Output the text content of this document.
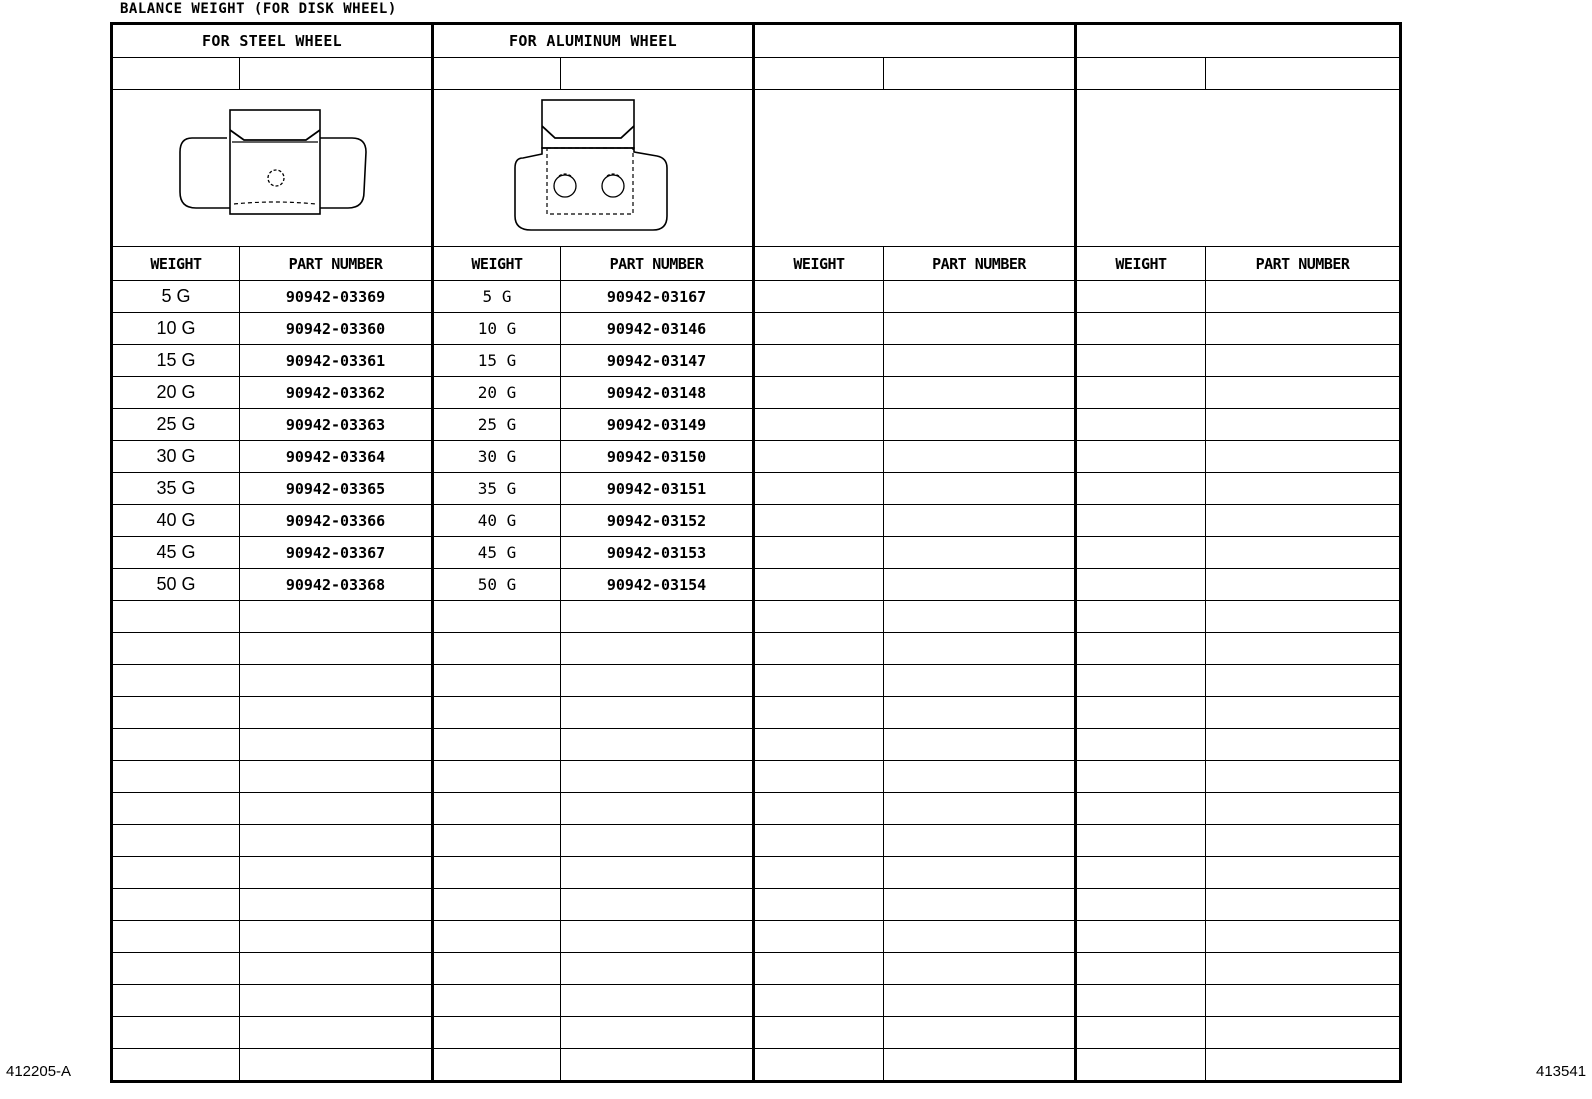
BALANCE WEIGHT (FOR DISK WHEEL)
FOR STEEL WHEEL		FOR ALUMINUM WHEEL					

WEIGHT	PART NUMBER	WEIGHT	PART NUMBER	WEIGHT	PART NUMBER	WEIGHT	PART NUMBER
5 G	90942-03369	5 G	90942-03167				
10 G	90942-03360	10 G	90942-03146				
15 G	90942-03361	15 G	90942-03147				
20 G	90942-03362	20 G	90942-03148				
25 G	90942-03363	25 G	90942-03149				
30 G	90942-03364	30 G	90942-03150				
35 G	90942-03365	35 G	90942-03151				
40 G	90942-03366	40 G	90942-03152				
45 G	90942-03367	45 G	90942-03153				
50 G	90942-03368	50 G	90942-03154				

412205-A	413541
